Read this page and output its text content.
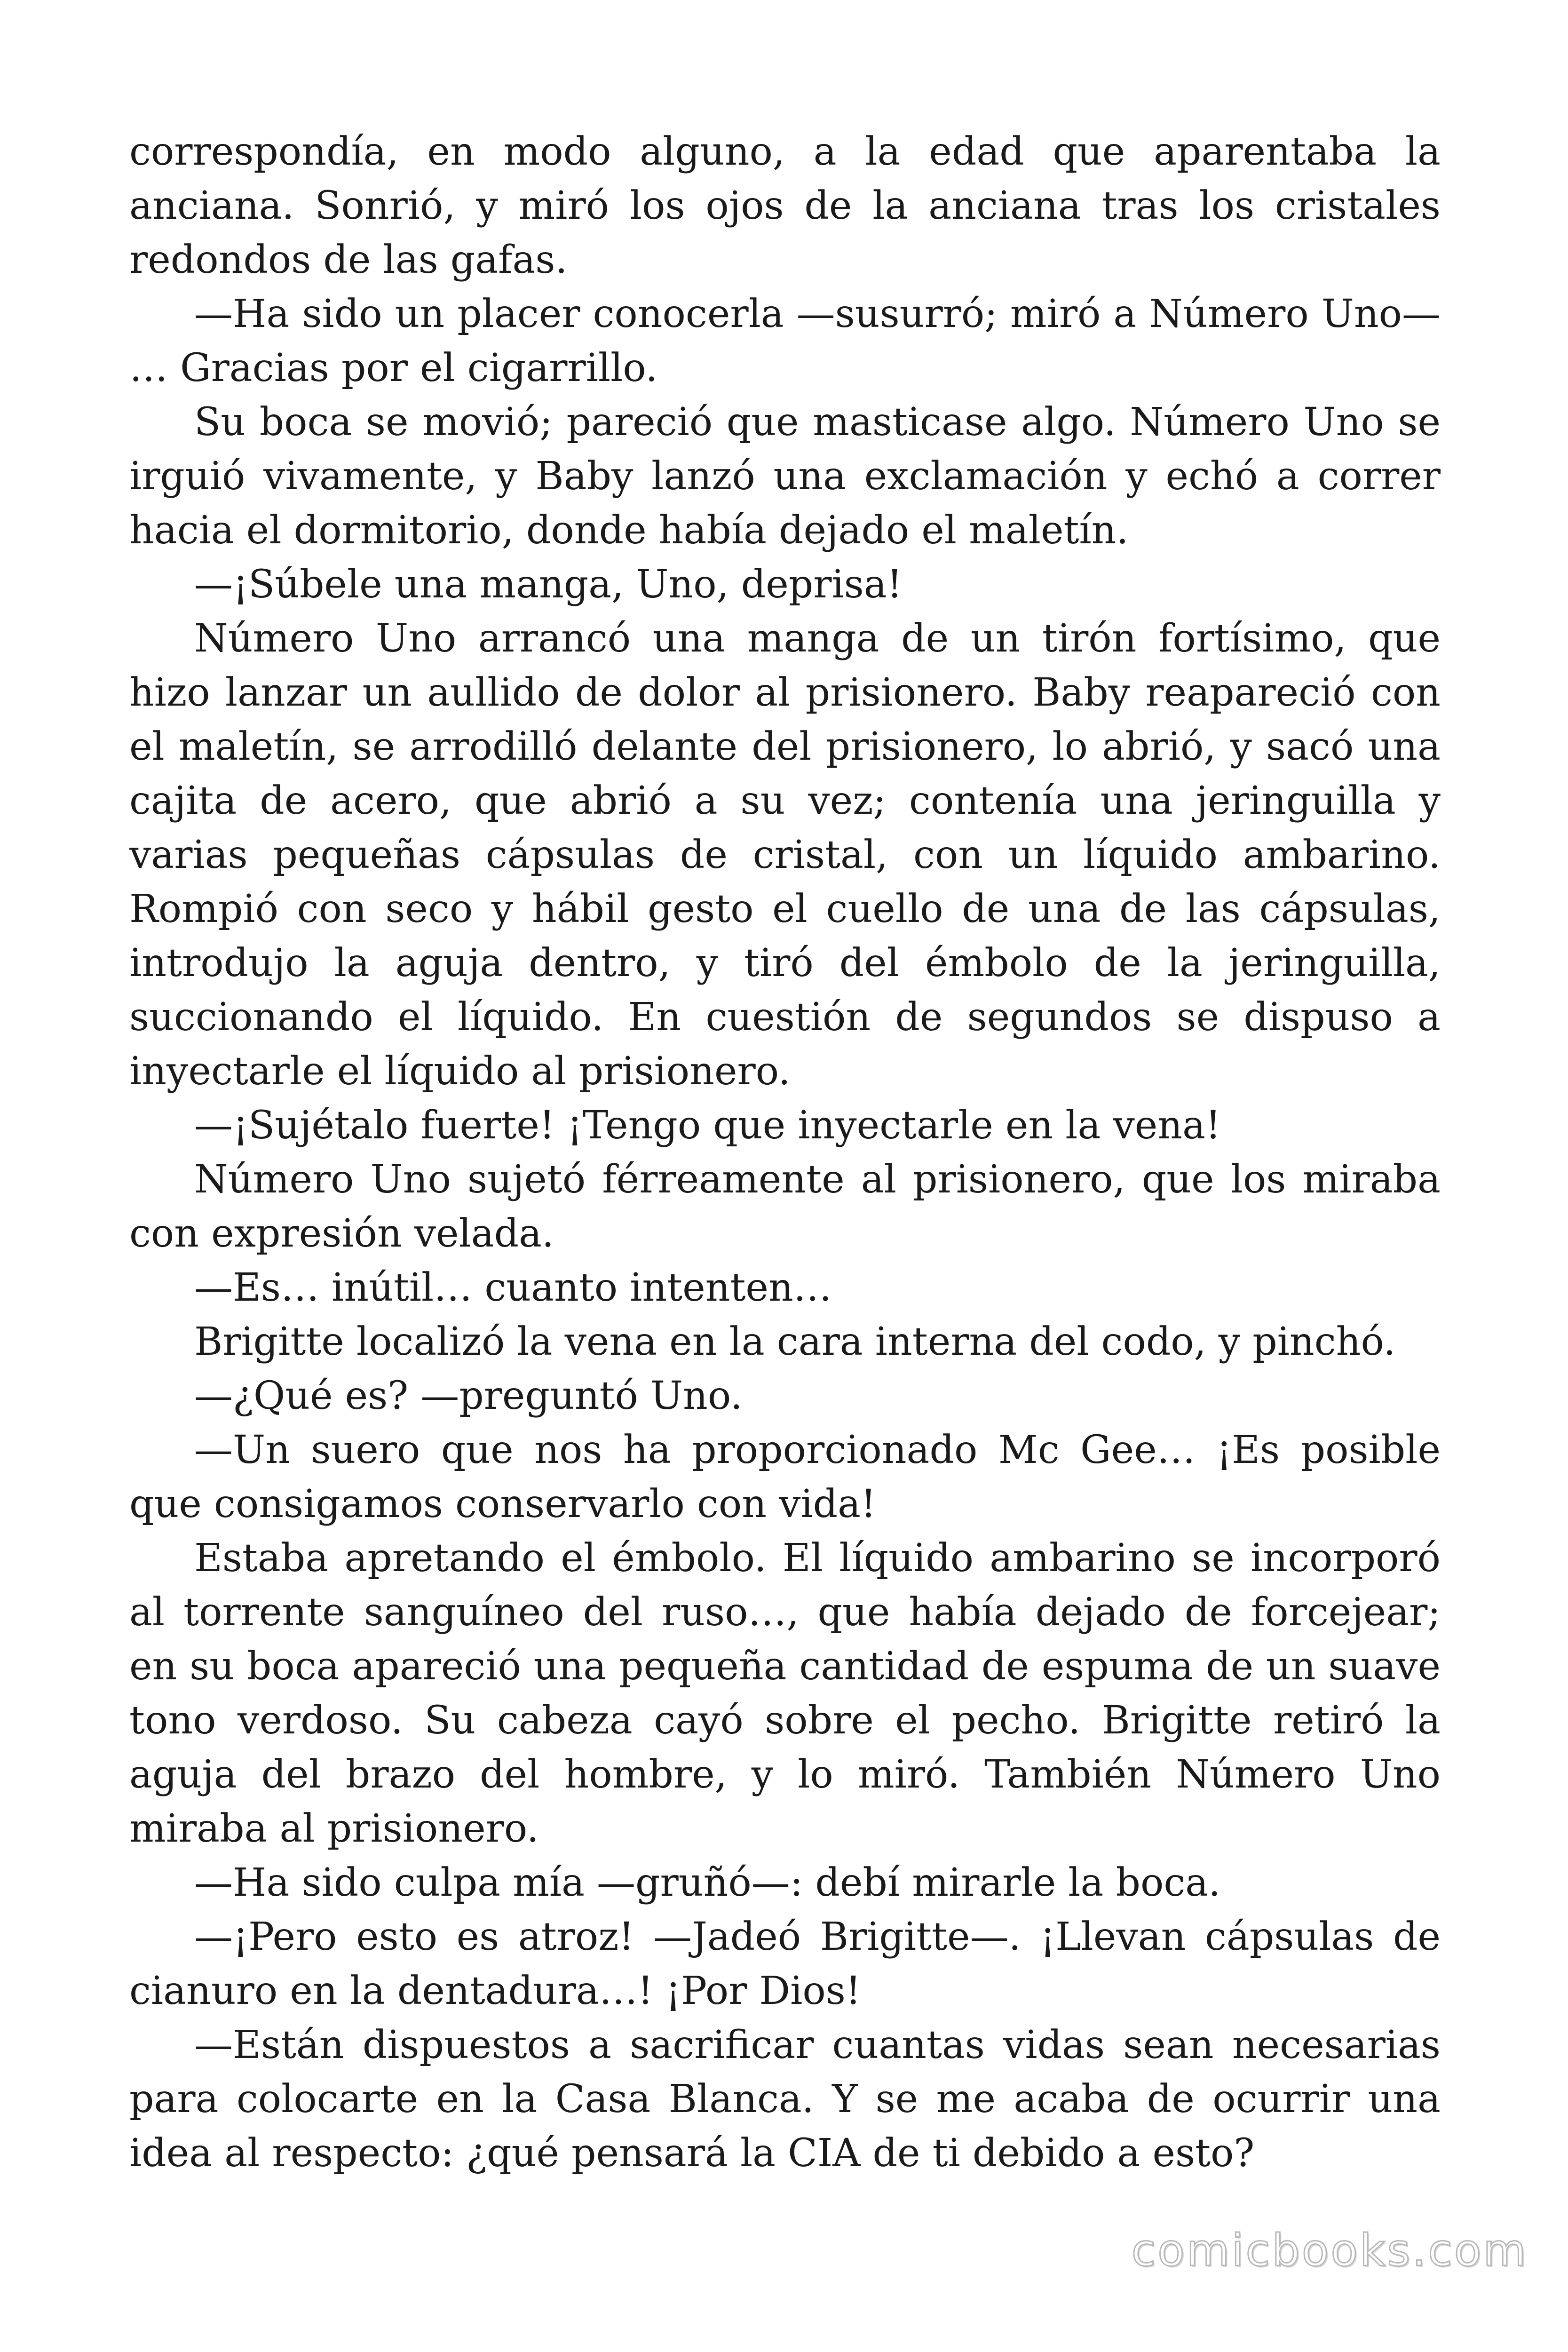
correspondía, en modo alguno, a la edad que aparentaba la anciana. Sonrió, y miró los ojos de la anciana tras los cristales redondos de las gafas.

—Ha sido un placer conocerla —susurró; miró a Número Uno— … Gracias por el cigarrillo.

Su boca se movió; pareció que masticase algo. Número Uno se irguió vivamente, y Baby lanzó una exclamación y echó a correr hacia el dormitorio, donde había dejado el maletín.

—¡Súbele una manga, Uno, deprisa!

Número Uno arrancó una manga de un tirón fortísimo, que hizo lanzar un aullido de dolor al prisionero. Baby reapareció con el maletín, se arrodilló delante del prisionero, lo abrió, y sacó una cajita de acero, que abrió a su vez; contenía una jeringuilla y varias pequeñas cápsulas de cristal, con un líquido ambarino. Rompió con seco y hábil gesto el cuello de una de las cápsulas, introdujo la aguja dentro, y tiró del émbolo de la jeringuilla, succionando el líquido. En cuestión de segundos se dispuso a inyectarle el líquido al prisionero.

—¡Sujétalo fuerte! ¡Tengo que inyectarle en la vena!

Número Uno sujetó férreamente al prisionero, que los miraba con expresión velada.

—Es… inútil… cuanto intenten…

Brigitte localizó la vena en la cara interna del codo, y pinchó.

—¿Qué es? —preguntó Uno.

—Un suero que nos ha proporcionado Mc Gee… ¡Es posible que consigamos conservarlo con vida!

Estaba apretando el émbolo. El líquido ambarino se incorporó al torrente sanguíneo del ruso…, que había dejado de forcejear; en su boca apareció una pequeña cantidad de espuma de un suave tono verdoso. Su cabeza cayó sobre el pecho. Brigitte retiró la aguja del brazo del hombre, y lo miró. También Número Uno miraba al prisionero.

—Ha sido culpa mía —gruñó—: debí mirarle la boca.

—¡Pero esto es atroz! —Jadeó Brigitte—. ¡Llevan cápsulas de cianuro en la dentadura…! ¡Por Dios!

—Están dispuestos a sacrificar cuantas vidas sean necesarias para colocarte en la Casa Blanca. Y se me acaba de ocurrir una idea al respecto: ¿qué pensará la CIA de ti debido a esto?

comicbooks.com
